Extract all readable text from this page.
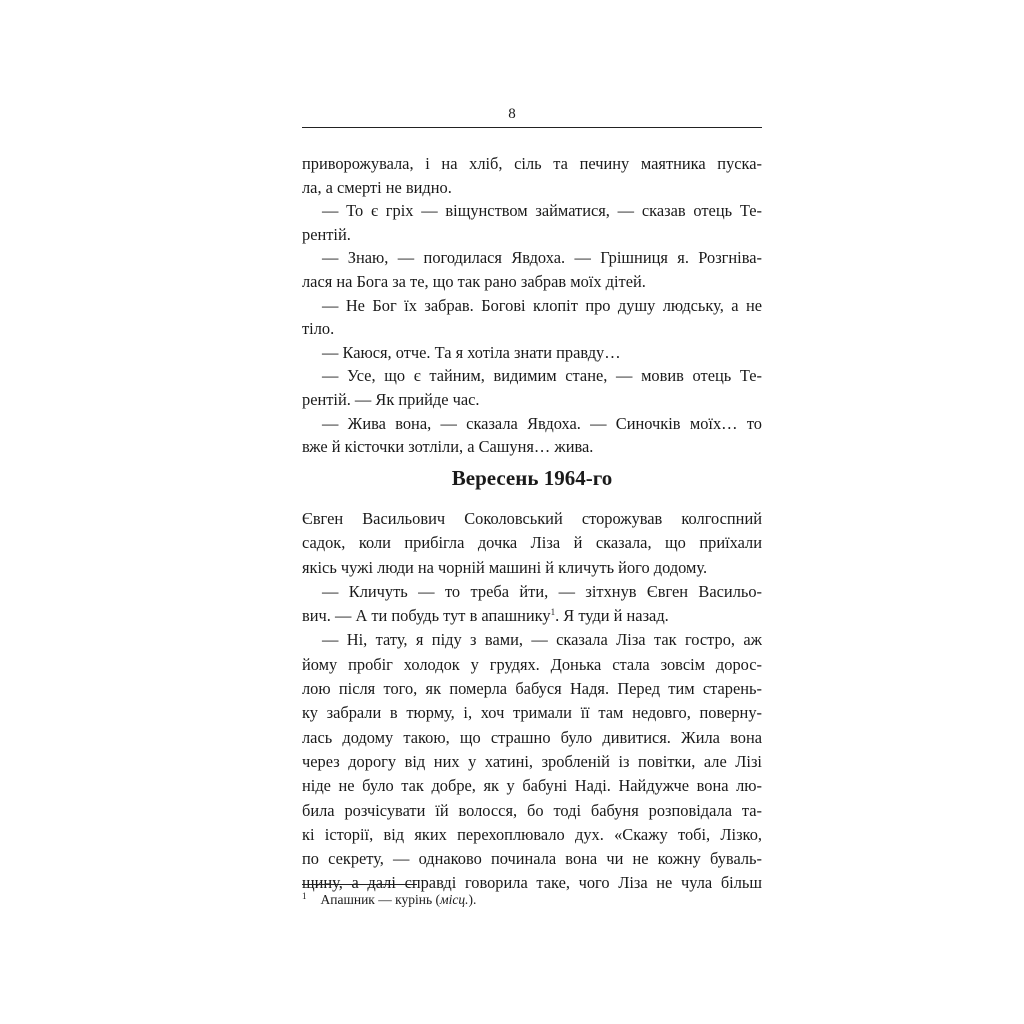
8
приворожувала, і на хліб, сіль та печину маятника пуска-
ла, а смерті не видно.
— То є гріх — віщунством займатися, — сказав отець Те-
рентій.
— Знаю, — погодилася Явдоха. — Грішниця я. Розгніва-
лася на Бога за те, що так рано забрав моїх дітей.
— Не Бог їх забрав. Богові клопіт про душу людську, а не
тіло.
— Каюся, отче. Та я хотіла знати правду…
— Усе, що є тайним, видимим стане, — мовив отець Те-
рентій. — Як прийде час.
— Жива вона, — сказала Явдоха. — Синочків моїх… то
вже й кісточки зотліли, а Сашуня… жива.
Вересень 1964-го
Євген Васильович Соколовський сторожував колгоспний
садок, коли прибігла дочка Ліза й сказала, що приїхали
якісь чужі люди на чорній машині й кличуть його додому.
— Кличуть — то треба йти, — зітхнув Євген Васильо-
вич. — А ти побудь тут в апашнику$^1$. Я туди й назад.
— Ні, тату, я піду з вами, — сказала Ліза так гостро, аж
йому пробіг холодок у грудях. Донька стала зовсім дорос-
лою після того, як померла бабуся Надя. Перед тим старень-
ку забрали в тюрму, і, хоч тримали її там недовго, поверну-
лась додому такою, що страшно було дивитися. Жила вона
через дорогу від них у хатині, зробленій із повітки, але Лізі
ніде не було так добре, як у бабуні Наді. Найдужче вона лю-
била розчісувати їй волосся, бо тоді бабуня розповідала та-
кі історії, від яких перехоплювало дух. «Скажу тобі, Лізко,
по секрету, — однаково починала вона чи не кожну буваль-
щину, а далі справді говорила таке, чого Ліза не чула більш
$^1$ Апашник — курінь (місц.).
